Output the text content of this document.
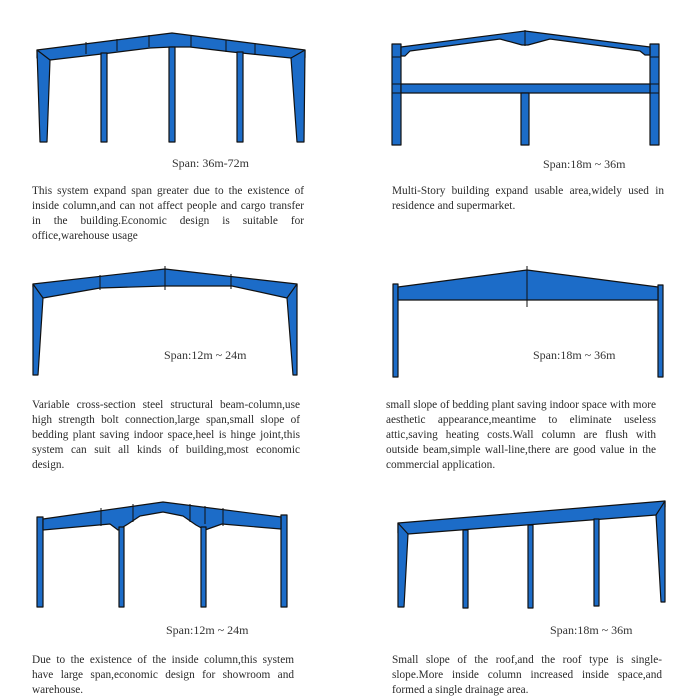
Span: 36m-72m
This system expand span greater due to the existence of inside column,and can not affect people and cargo transfer in the building.Economic design is suitable for office,warehouse usage
Span:18m ~ 36m
Multi-Story building expand usable area,widely used in residence and supermarket.
Span:12m ~ 24m
Variable cross-section steel structural beam-column,use high strength bolt connection,large span,small slope of bedding plant saving indoor space,heel is hinge joint,this system can suit all kinds of building,most economic design.
Span:18m ~ 36m
small slope of bedding plant saving indoor space with more aesthetic appearance,meantime to eliminate useless attic,saving heating costs.Wall column are flush with outside beam,simple wall-line,there are good value in the commercial application.
Span:12m ~ 24m
Due to the existence of the inside column,this system have large span,economic design for showroom and warehouse.
Span:18m ~ 36m
Small slope of the roof,and the roof type is single-slope.More inside column increased inside space,and formed a single drainage area.
